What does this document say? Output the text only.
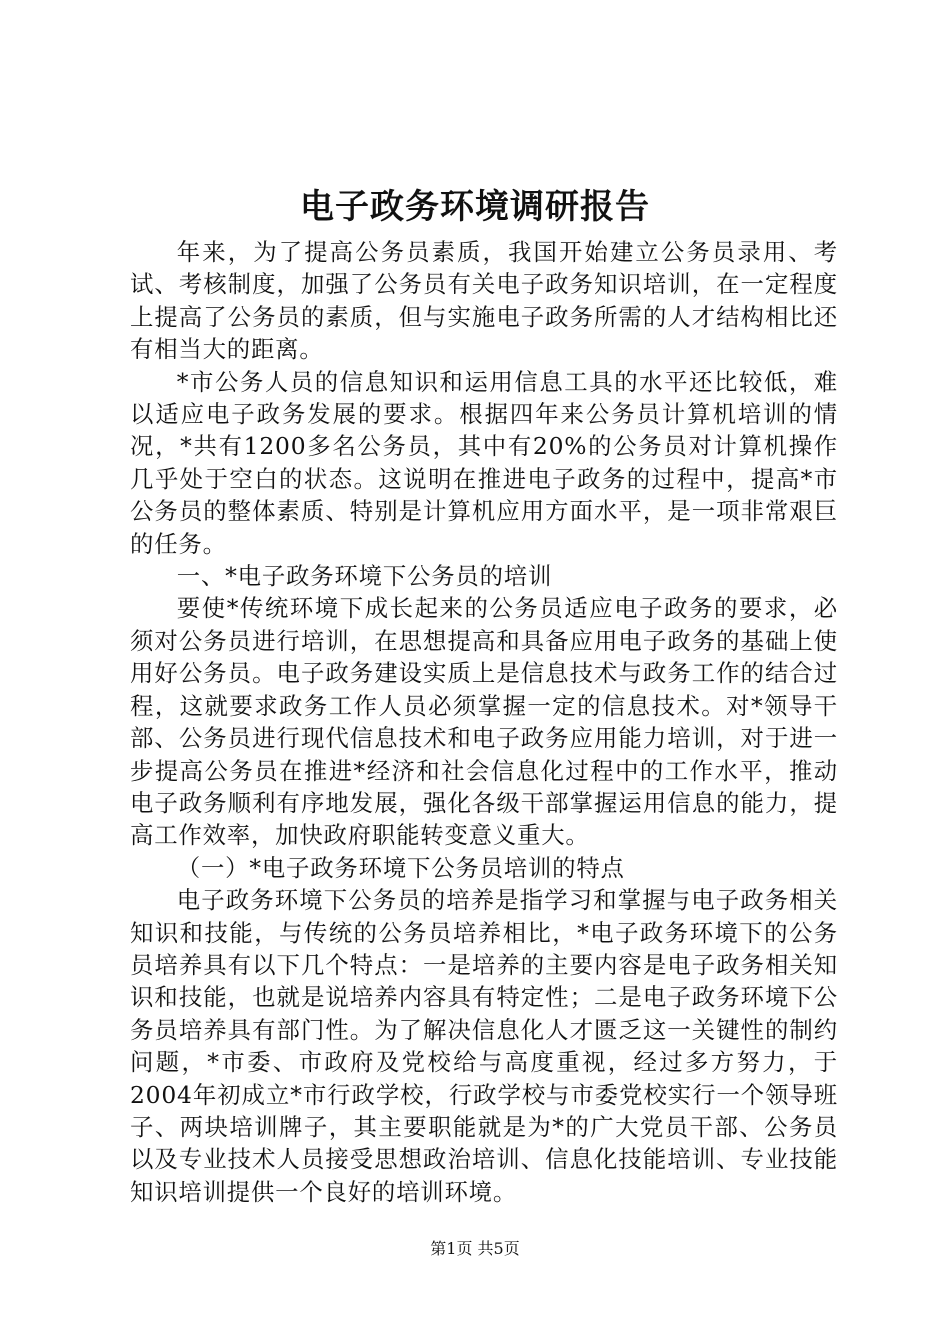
电子政务环境调研报告

年来，为了提高公务员素质，我国开始建立公务员录用、考试、考核制度，加强了公务员有关电子政务知识培训，在一定程度上提高了公务员的素质，但与实施电子政务所需的人才结构相比还有相当大的距离。

*市公务人员的信息知识和运用信息工具的水平还比较低，难以适应电子政务发展的要求。根据四年来公务员计算机培训的情况，*共有1200多名公务员，其中有20%的公务员对计算机操作几乎处于空白的状态。这说明在推进电子政务的过程中，提高*市公务员的整体素质、特别是计算机应用方面水平，是一项非常艰巨的任务。

一、*电子政务环境下公务员的培训

要使*传统环境下成长起来的公务员适应电子政务的要求，必须对公务员进行培训，在思想提高和具备应用电子政务的基础上使用好公务员。电子政务建设实质上是信息技术与政务工作的结合过程，这就要求政务工作人员必须掌握一定的信息技术。对*领导干部、公务员进行现代信息技术和电子政务应用能力培训，对于进一步提高公务员在推进*经济和社会信息化过程中的工作水平，推动电子政务顺利有序地发展，强化各级干部掌握运用信息的能力，提高工作效率，加快政府职能转变意义重大。

（一）*电子政务环境下公务员培训的特点

电子政务环境下公务员的培养是指学习和掌握与电子政务相关知识和技能，与传统的公务员培养相比，*电子政务环境下的公务员培养具有以下几个特点：一是培养的主要内容是电子政务相关知识和技能，也就是说培养内容具有特定性；二是电子政务环境下公务员培养具有部门性。为了解决信息化人才匮乏这一关键性的制约问题，*市委、市政府及党校给与高度重视，经过多方努力，于2004年初成立*市行政学校，行政学校与市委党校实行一个领导班子、两块培训牌子，其主要职能就是为*的广大党员干部、公务员以及专业技术人员接受思想政治培训、信息化技能培训、专业技能知识培训提供一个良好的培训环境。

第1页 共5页
